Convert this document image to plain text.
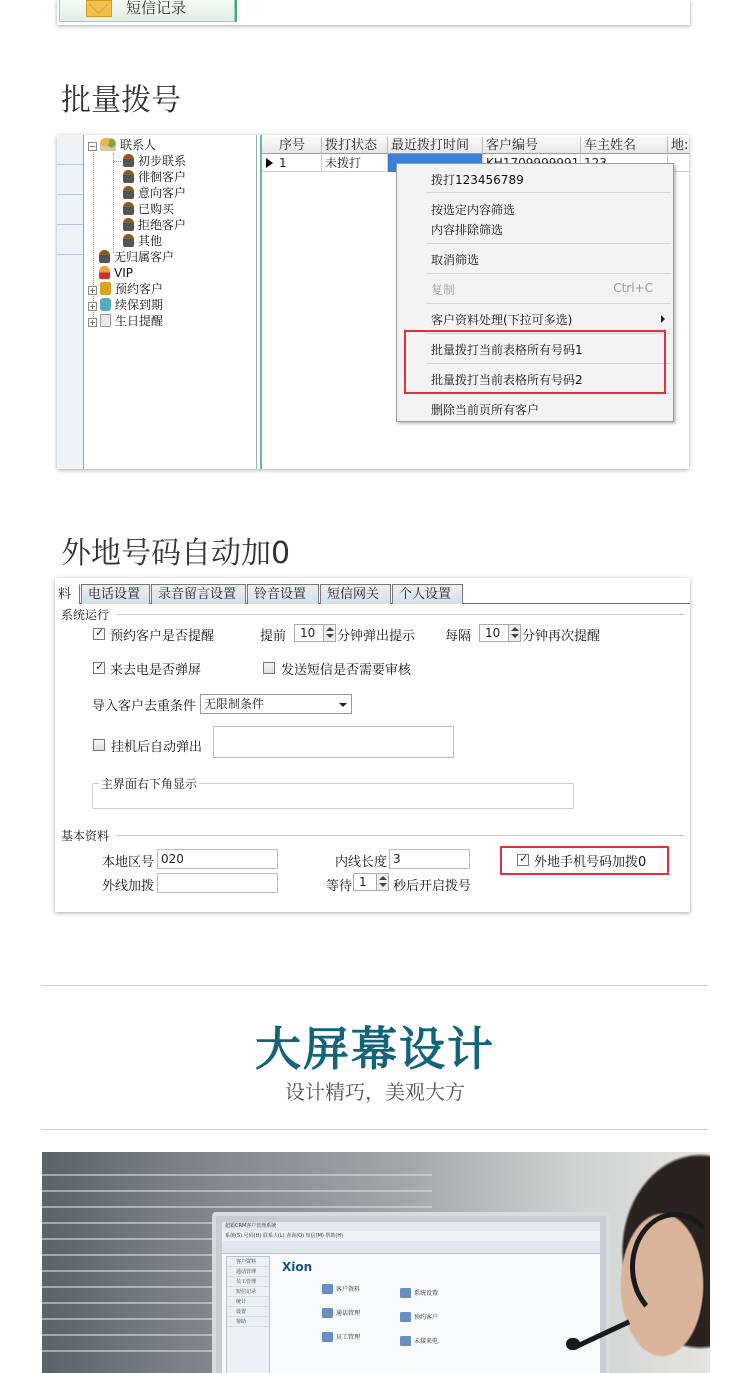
短信记录
批量拨号
− 联系人
初步联系
徘徊客户
意向客户
已购买
拒绝客户
其他
无归属客户
VIP
+ 预约客户
+ 续保到期
+ 生日提醒
序号	拨打状态	最近拨打时间	客户编号	车主姓名	地:
1	未拨打
拨打123456789
按选定内容筛选
内容排除筛选
取消筛选
复制	Ctrl+C
客户资料处理(下拉可多选)
批量拨打当前表格所有号码1
批量拨打当前表格所有号码2
删除当前页所有客户
外地号码自动加0
料	电话设置	录音留言设置	铃音设置	短信网关	个人设置
系统运行
✓
预约客户是否提醒	提前	10	分钟弹出提示 每隔	10	分钟再次提醒
✓
来去电是否弹屏	发送短信是否需要审核
导入客户去重条件 无限制条件
挂机后自动弹出
主界面右下角显示
基本资料
本地区号 020	内线长度 3
✓	外地手机号码加拨0
外线加拨	等待 1	秒后开启拨号
大屏幕设计
设计精巧，美观大方
超霸CRM客户管理系统
系统(S) 号码(H) 联系人(L) 查询(Q) 短信(M) 帮助(H)
客户资料
通话管理
员工管理
短信记录
统计
设置
帮助
Xion
客户资料
通话管理
员工管理
系统设置
预约客户
未接来电
